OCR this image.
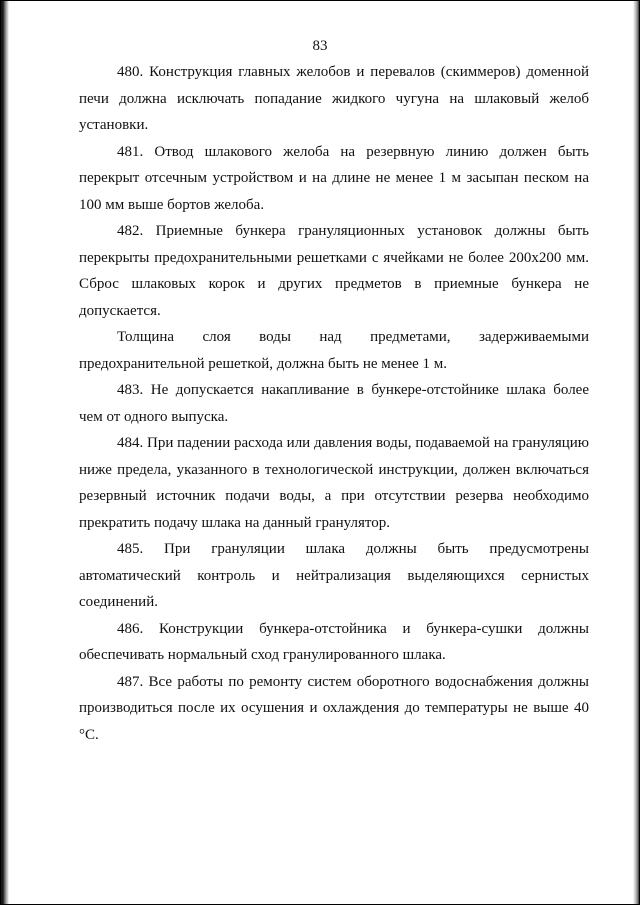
83

480. Конструкция главных желобов и перевалов (скиммеров) доменной печи должна исключать попадание жидкого чугуна на шлаковый желоб установки.

481. Отвод шлакового желоба на резервную линию должен быть перекрыт отсечным устройством и на длине не менее 1 м засыпан песком на 100 мм выше бортов желоба.

482. Приемные бункера грануляционных установок должны быть перекрыты предохранительными решетками с ячейками не более 200x200 мм. Сброс шлаковых корок и других предметов в приемные бункера не допускается.

Толщина слоя воды над предметами, задерживаемыми предохранительной решеткой, должна быть не менее 1 м.

483. Не допускается накапливание в бункере-отстойнике шлака более чем от одного выпуска.

484. При падении расхода или давления воды, подаваемой на грануляцию ниже предела, указанного в технологической инструкции, должен включаться резервный источник подачи воды, а при отсутствии резерва необходимо прекратить подачу шлака на данный гранулятор.

485. При грануляции шлака должны быть предусмотрены автоматический контроль и нейтрализация выделяющихся сернистых соединений.

486. Конструкции бункера-отстойника и бункера-сушки должны обеспечивать нормальный сход гранулированного шлака.

487. Все работы по ремонту систем оборотного водоснабжения должны производиться после их осушения и охлаждения до температуры не выше 40 °С.
